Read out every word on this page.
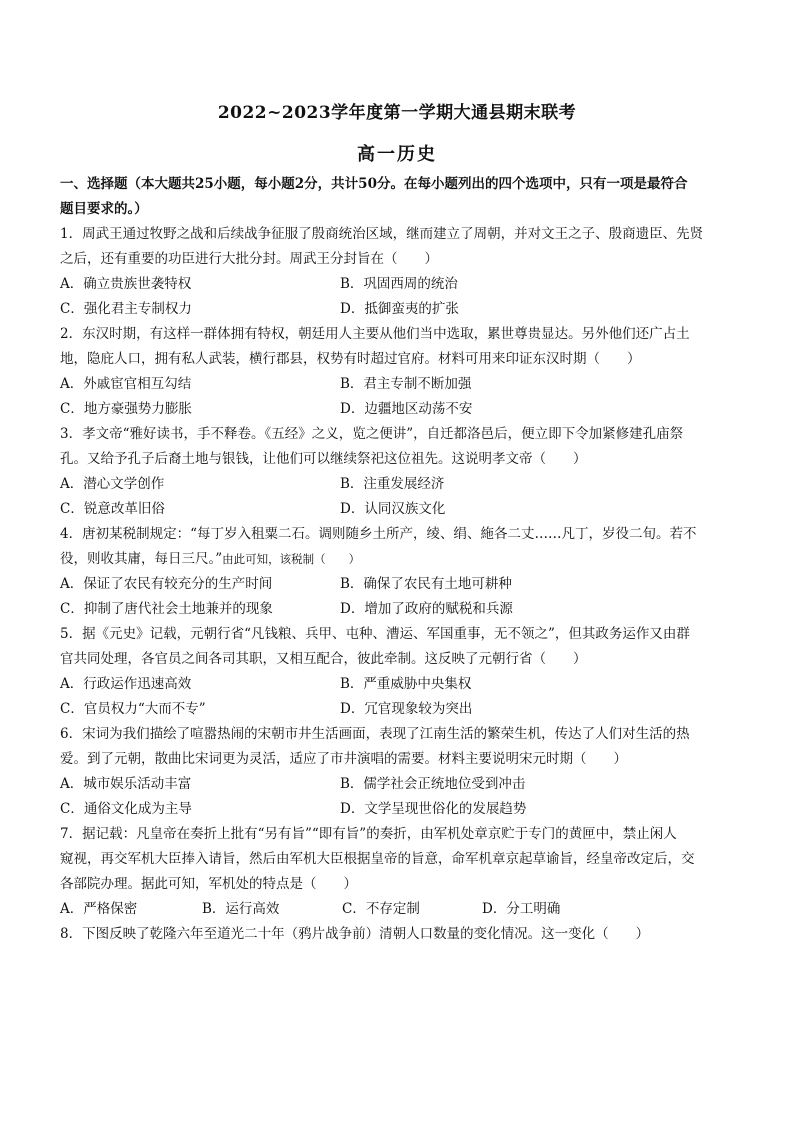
2022~2023学年度第一学期大通县期末联考
高一历史
一、选择题（本大题共25小题，每小题2分，共计50分。在每小题列出的四个选项中，只有一项是最符合
题目要求的。）
1．周武王通过牧野之战和后续战争征服了殷商统治区域，继而建立了周朝，并对文王之子、殷商遗臣、先贤
之后，还有重要的功臣进行大批分封。周武王分封旨在（　　）
A．确立贵族世袭特权	B．巩固西周的统治
C．强化君主专制权力	D．抵御蛮夷的扩张
2．东汉时期，有这样一群体拥有特权，朝廷用人主要从他们当中选取，累世尊贵显达。另外他们还广占土
地，隐庇人口，拥有私人武装，横行郡县，权势有时超过官府。材料可用来印证东汉时期（　　）
A．外戚宦官相互勾结	B．君主专制不断加强
C．地方豪强势力膨胀	D．边疆地区动荡不安
3．孝文帝“雅好读书，手不释卷。《五经》之义，览之便讲”，自迁都洛邑后，便立即下令加紧修建孔庙祭
孔。又给予孔子后裔土地与银钱，让他们可以继续祭祀这位祖先。这说明孝文帝（　　）
A．潜心文学创作	B．注重发展经济
C．锐意改革旧俗	D．认同汉族文化
4．唐初某税制规定：“每丁岁入租粟二石。调则随乡土所产，绫、绢、絁各二丈……凡丁，岁役二旬。若不
役，则收其庸，每日三尺。”由此可知，该税制（　　）
A．保证了农民有较充分的生产时间	B．确保了农民有土地可耕种
C．抑制了唐代社会土地兼并的现象	D．增加了政府的赋税和兵源
5．据《元史》记载，元朝行省“凡钱粮、兵甲、屯种、漕运、军国重事，无不领之”，但其政务运作又由群
官共同处理，各官员之间各司其职，又相互配合，彼此牵制。这反映了元朝行省（　　）
A．行政运作迅速高效	B．严重威胁中央集权
C．官员权力“大而不专”	D．冗官现象较为突出
6．宋词为我们描绘了喧嚣热闹的宋朝市井生活画面，表现了江南生活的繁荣生机，传达了人们对生活的热
爱。到了元朝，散曲比宋词更为灵活，适应了市井演唱的需要。材料主要说明宋元时期（　　）
A．城市娱乐活动丰富	B．儒学社会正统地位受到冲击
C．通俗文化成为主导	D．文学呈现世俗化的发展趋势
7．据记载：凡皇帝在奏折上批有“另有旨”“即有旨”的奏折，由军机处章京贮于专门的黄匣中，禁止闲人
窥视，再交军机大臣捧入请旨，然后由军机大臣根据皇帝的旨意，命军机章京起草谕旨，经皇帝改定后，交
各部院办理。据此可知，军机处的特点是（　　）
A．严格保密	B．运行高效	C．不存定制	D．分工明确
8．下图反映了乾隆六年至道光二十年（鸦片战争前）清朝人口数量的变化情况。这一变化（　　）
